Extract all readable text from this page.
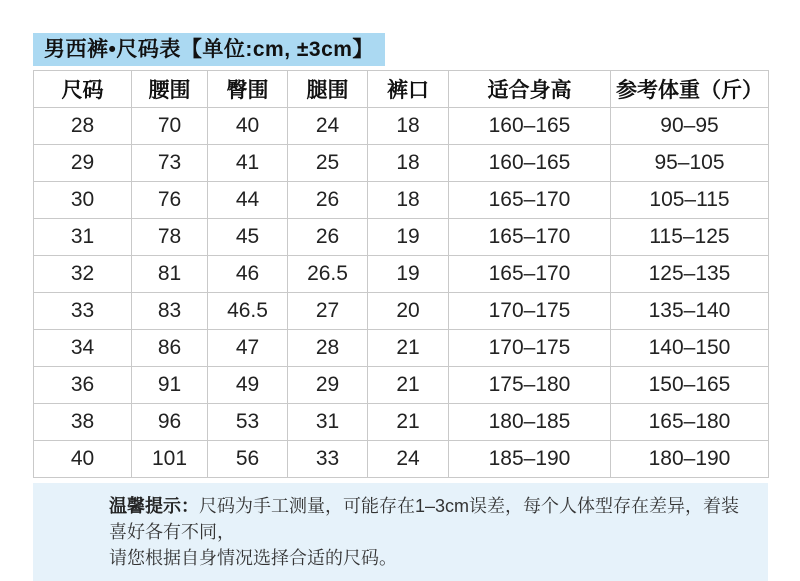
男西裤•尺码表【单位:cm, ±3cm】
尺码	腰围	臀围	腿围	裤口	适合身高	参考体重（斤）
28	70	40	24	18	160–165	90–95
29	73	41	25	18	160–165	95–105
30	76	44	26	18	165–170	105–115
31	78	45	26	19	165–170	115–125
32	81	46	26.5	19	165–170	125–135
33	83	46.5	27	20	170–175	135–140
34	86	47	28	21	170–175	140–150
36	91	49	29	21	175–180	150–165
38	96	53	31	21	180–185	165–180
40	101	56	33	24	185–190	180–190
温馨提示：尺码为手工测量，可能存在1–3cm误差，每个人体型存在差异，着装喜好各有不同，
请您根据自身情况选择合适的尺码。
